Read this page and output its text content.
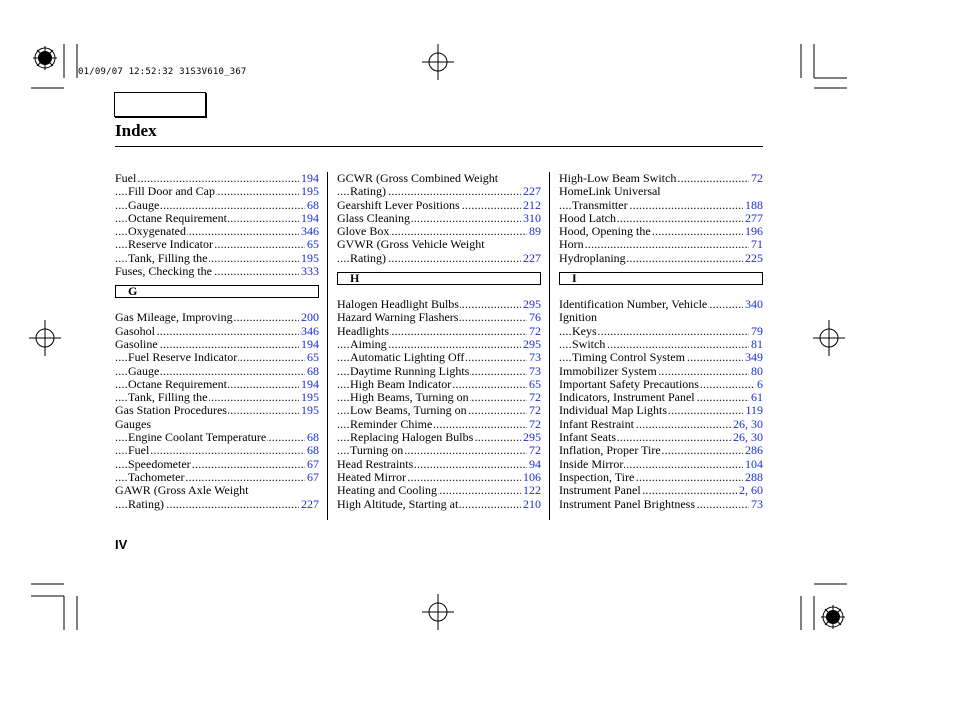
01/09/07 12:52:32 31S3V610_367
Index
.....
Fuel	194
.....
Fill Door and Cap	195
.....
Gauge	68
.....
Octane Requirement	194
.....
Oxygenated	346
.....
Reserve Indicator	65
.....
Tank, Filling the	195
.....
Fuses, Checking the	333
G
.....
Gas Mileage, Improving	200
.....
Gasohol	346
.....
Gasoline	194
.....
Fuel Reserve Indicator	65
.....
Gauge	68
.....
Octane Requirement	194
.....
Tank, Filling the	195
.....
Gas Station Procedures	195
Gauges
.....
Engine Coolant Temperature	68
.....
Fuel	68
.....
Speedometer	67
.....
Tachometer	67
GAWR (Gross Axle Weight
.....
Rating)	227
GCWR (Gross Combined Weight
.....
Rating)	227
.....
Gearshift Lever Positions	212
.....
Glass Cleaning	310
.....
Glove Box	89
GVWR (Gross Vehicle Weight
.....
Rating)	227
H
.....
Halogen Headlight Bulbs	295
.....
Hazard Warning Flashers	76
.....
Headlights	72
.....
Aiming	295
.....
Automatic Lighting Off	73
.....
Daytime Running Lights	73
.....
High Beam Indicator	65
.....
High Beams, Turning on	72
.....
Low Beams, Turning on	72
.....
Reminder Chime	72
.....
Replacing Halogen Bulbs	295
.....
Turning on	72
.....
Head Restraints	94
.....
Heated Mirror	106
.....
Heating and Cooling	122
.....
High Altitude, Starting at	210
.....
High-Low Beam Switch	72
HomeLink Universal
.....
Transmitter	188
.....
Hood Latch	277
.....
Hood, Opening the	196
.....
Horn	71
.....
Hydroplaning	225
I
.....
Identification Number, Vehicle	340
Ignition
.....
Keys	79
.....
Switch	81
.....
Timing Control System	349
.....
Immobilizer System	80
.....
Important Safety Precautions	6
.....
Indicators, Instrument Panel	61
.....
Individual Map Lights	119
.....
Infant Restraint	26, 30
.....
Infant Seats	26, 30
.....
Inflation, Proper Tire	286
.....
Inside Mirror	104
.....
Inspection, Tire	288
.....
Instrument Panel	2, 60
.....
Instrument Panel Brightness	73
IV
